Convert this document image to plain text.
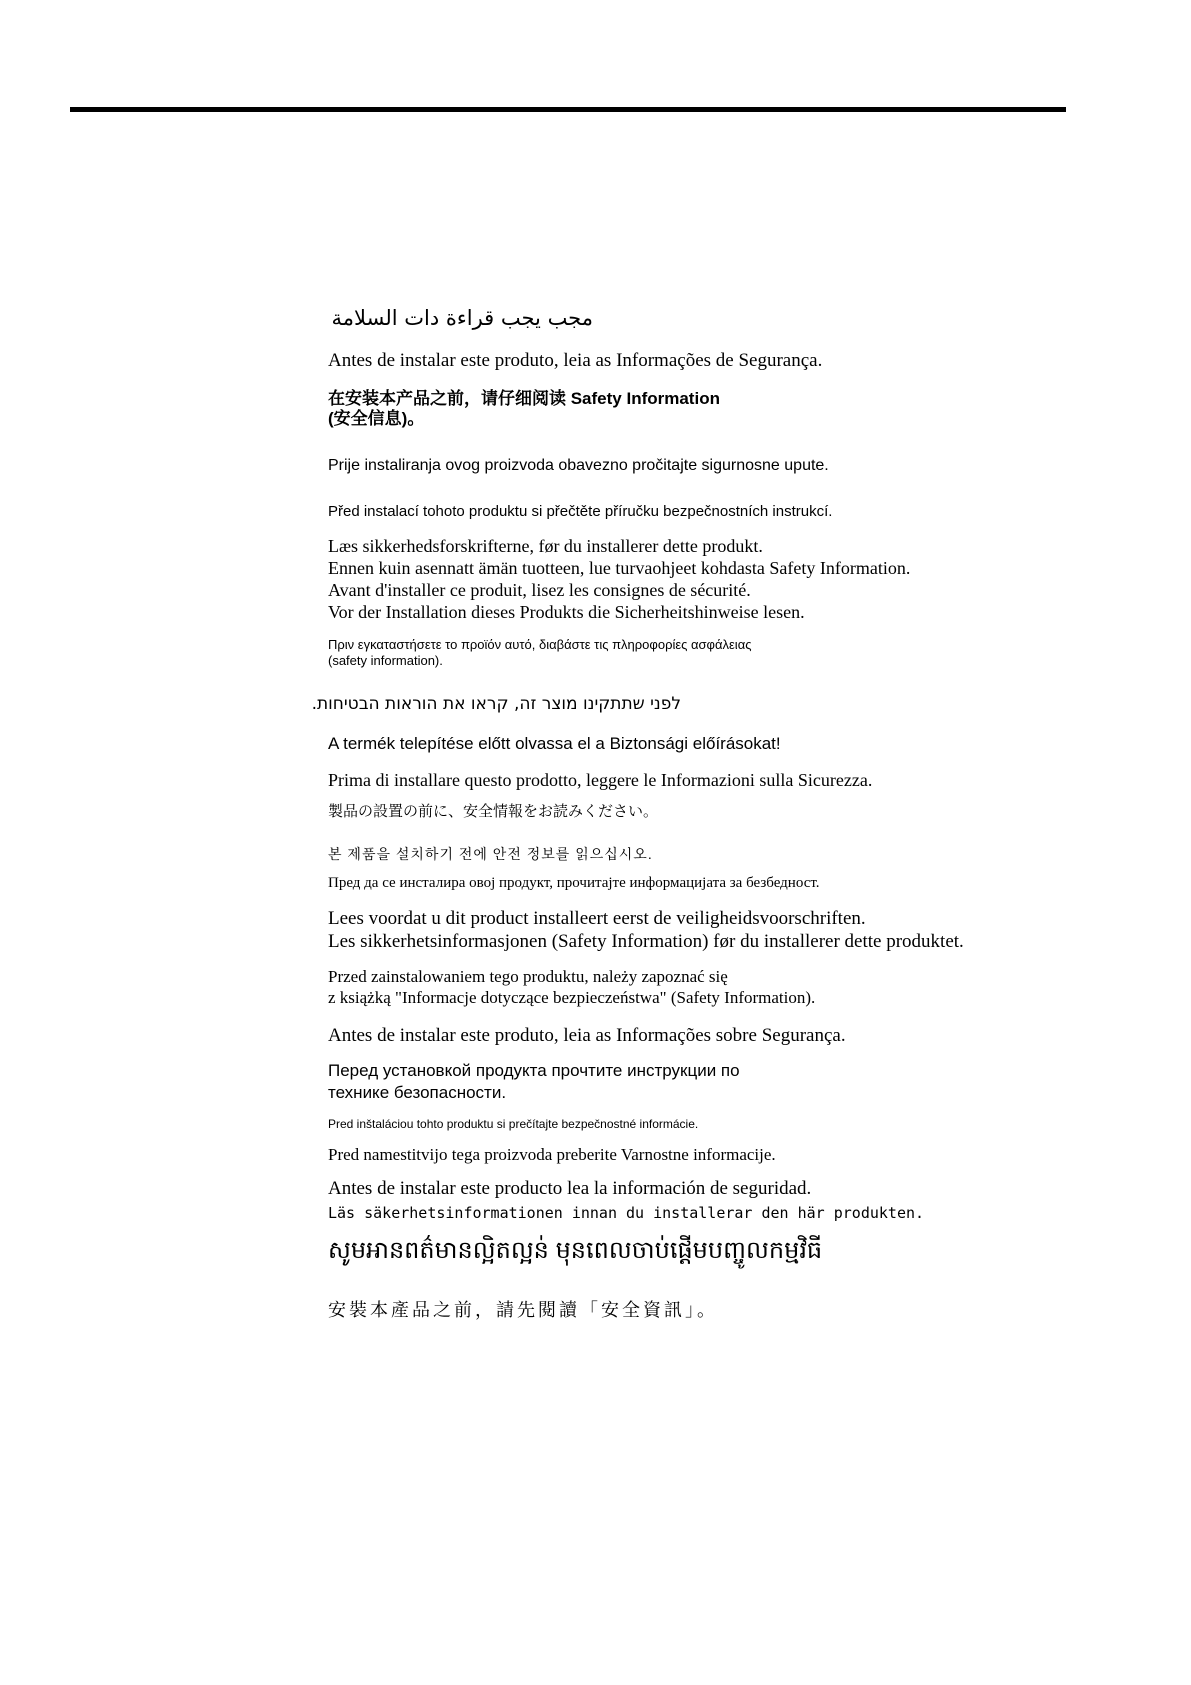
ﻣﺠﺐ ﻳﺠﺐ ﻗﺮاءة دات اﻟﺴﻼﻣﺔ
Antes de instalar este produto, leia as Informações de Segurança.
在安装本产品之前，请仔细阅读 Safety Information
(安全信息)。
Prije instaliranja ovog proizvoda obavezno pročitajte sigurnosne upute.
Před instalací tohoto produktu si přečtěte příručku bezpečnostních instrukcí.
Læs sikkerhedsforskrifterne, før du installerer dette produkt.
Ennen kuin asennatt ämän tuotteen, lue turvaohjeet kohdasta Safety Information.
Avant d'installer ce produit, lisez les consignes de sécurité.
Vor der Installation dieses Produkts die Sicherheitshinweise lesen.
Πριν εγκαταστήσετε το προϊόν αυτό, διαβάστε τις πληροφορίες ασφάλειας
(safety information).
לפני שתתקינו מוצר זה, קראו את הוראות הבטיחות.
A termék telepítése előtt olvassa el a Biztonsági előírásokat!
Prima di installare questo prodotto, leggere le Informazioni sulla Sicurezza.
製品の設置の前に、安全情報をお読みください。
본 제품을 설치하기 전에 안전 정보를 읽으십시오.
Пред да се инсталира овој продукт, прочитајте информацијата за безбедност.
Lees voordat u dit product installeert eerst de veiligheidsvoorschriften.
Les sikkerhetsinformasjonen (Safety Information) før du installerer dette produktet.
Przed zainstalowaniem tego produktu, należy zapoznać się
z książką "Informacje dotyczące bezpieczeństwa" (Safety Information).
Antes de instalar este produto, leia as Informações sobre Segurança.
Перед установкой продукта прочтите инструкции по
технике безопасности.
Pred inštaláciou tohto produktu si prečítajte bezpečnostné informácie.
Pred namestitvijo tega proizvoda preberite Varnostne informacije.
Antes de instalar este producto lea la información de seguridad.
Läs säkerhetsinformationen innan du installerar den här produkten.
សូមអានពត៌មានល្អិតល្អន់ មុនពេលចាប់ផ្តើមបញ្ចូលកម្មវិធី
安裝本產品之前，請先閱讀「安全資訊」。
